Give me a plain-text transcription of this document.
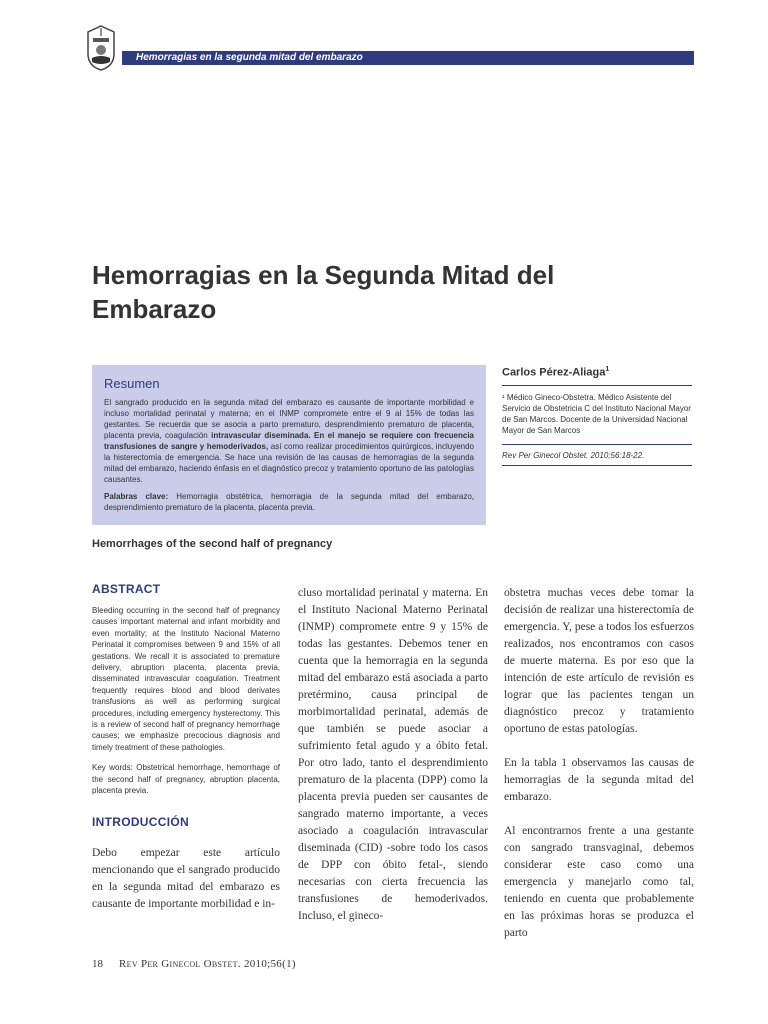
Hemorragias en la segunda mitad del embarazo
Hemorragias en la Segunda Mitad del Embarazo
Resumen

El sangrado producido en la segunda mitad del embarazo es causante de importante morbilidad e incluso mortalidad perinatal y materna; en el INMP compromete entre el 9 al 15% de todas las gestantes. Se recuerda que se asocia a parto prematuro, desprendimiento prematuro de placenta, placenta previa, coagulación intravascular diseminada. En el manejo se requiere con frecuencia transfusiones de sangre y hemoderivados, así como realizar procedimientos quirúrgicos, incluyendo la histerectomía de emergencia. Se hace una revisión de las causas de hemorragias de la segunda mitad del embarazo, haciendo énfasis en el diagnóstico precoz y tratamiento oportuno de las patologías causantes.

Palabras clave: Hemorragia obstétrica, hemorragia de la segunda mitad del embarazo, desprendimiento prematuro de la placenta, placenta previa.

Carlos Pérez-Aliaga$^1$
¹ Médico Gineco-Obstetra. Médico Asistente del Servicio de Obstetricia C del Instituto Nacional Mayor de San Marcos. Docente de la Universidad Nacional Mayor de San Marcos
Rev Per Ginecol Obstet. 2010;56:18-22.
Hemorrhages of the second half of pregnancy
ABSTRACT

Bleeding occurring in the second half of pregnancy causes important maternal and infant morbidity and even mortality; at the Instituto Nacional Materno Perinatal it compromises between 9 and 15% of all gestations. We recall it is associated to premature delivery, abruption placenta, placenta previa, disseminated intravascular coagulation. Treatment frequently requires blood and blood derivates transfusions as well as performing surgical procedures, including emergency hysterectomy. This is a review of second half of pregnancy hemorrhage causes; we emphasize precocious diagnosis and timely treatment of these pathologies.

Key words: Obstetrical hemorrhage, hemorrhage of the second half of pregnancy, abruption placenta, placenta previa.

INTRODUCCIÓN

Debo empezar este artículo mencionando que el sangrado producido en la segunda mitad del embarazo es causante de importante morbilidad e in-

cluso mortalidad perinatal y materna. En el Instituto Nacional Materno Perinatal (INMP) compromete entre 9 y 15% de todas las gestantes. Debemos tener en cuenta que la hemorragia en la segunda mitad del embarazo está asociada a parto pretérmino, causa principal de morbimortalidad perinatal, además de que también se puede asociar a sufrimiento fetal agudo y a óbito fetal. Por otro lado, tanto el desprendimiento prematuro de la placenta (DPP) como la placenta previa pueden ser causantes de sangrado materno importante, a veces asociado a coagulación intravascular diseminada (CID) -sobre todo los casos de DPP con óbito fetal-, siendo necesarias con cierta frecuencia las transfusiones de hemoderivados. Incluso, el gineco-

obstetra muchas veces debe tomar la decisión de realizar una histerectomía de emergencia. Y, pese a todos los esfuerzos realizados, nos encontramos con casos de muerte materna. Es por eso que la intención de este artículo de revisión es lograr que las pacientes tengan un diagnóstico precoz y tratamiento oportuno de estas patologías.

En la tabla 1 observamos las causas de hemorragias de la segunda mitad del embarazo.

Al encontrarnos frente a una gestante con sangrado transvaginal, debemos considerar este caso como una emergencia y manejarlo como tal, teniendo en cuenta que probablemente en las próximas horas se produzca el parto

18 Rev Per Ginecol Obstet. 2010;56(1)
